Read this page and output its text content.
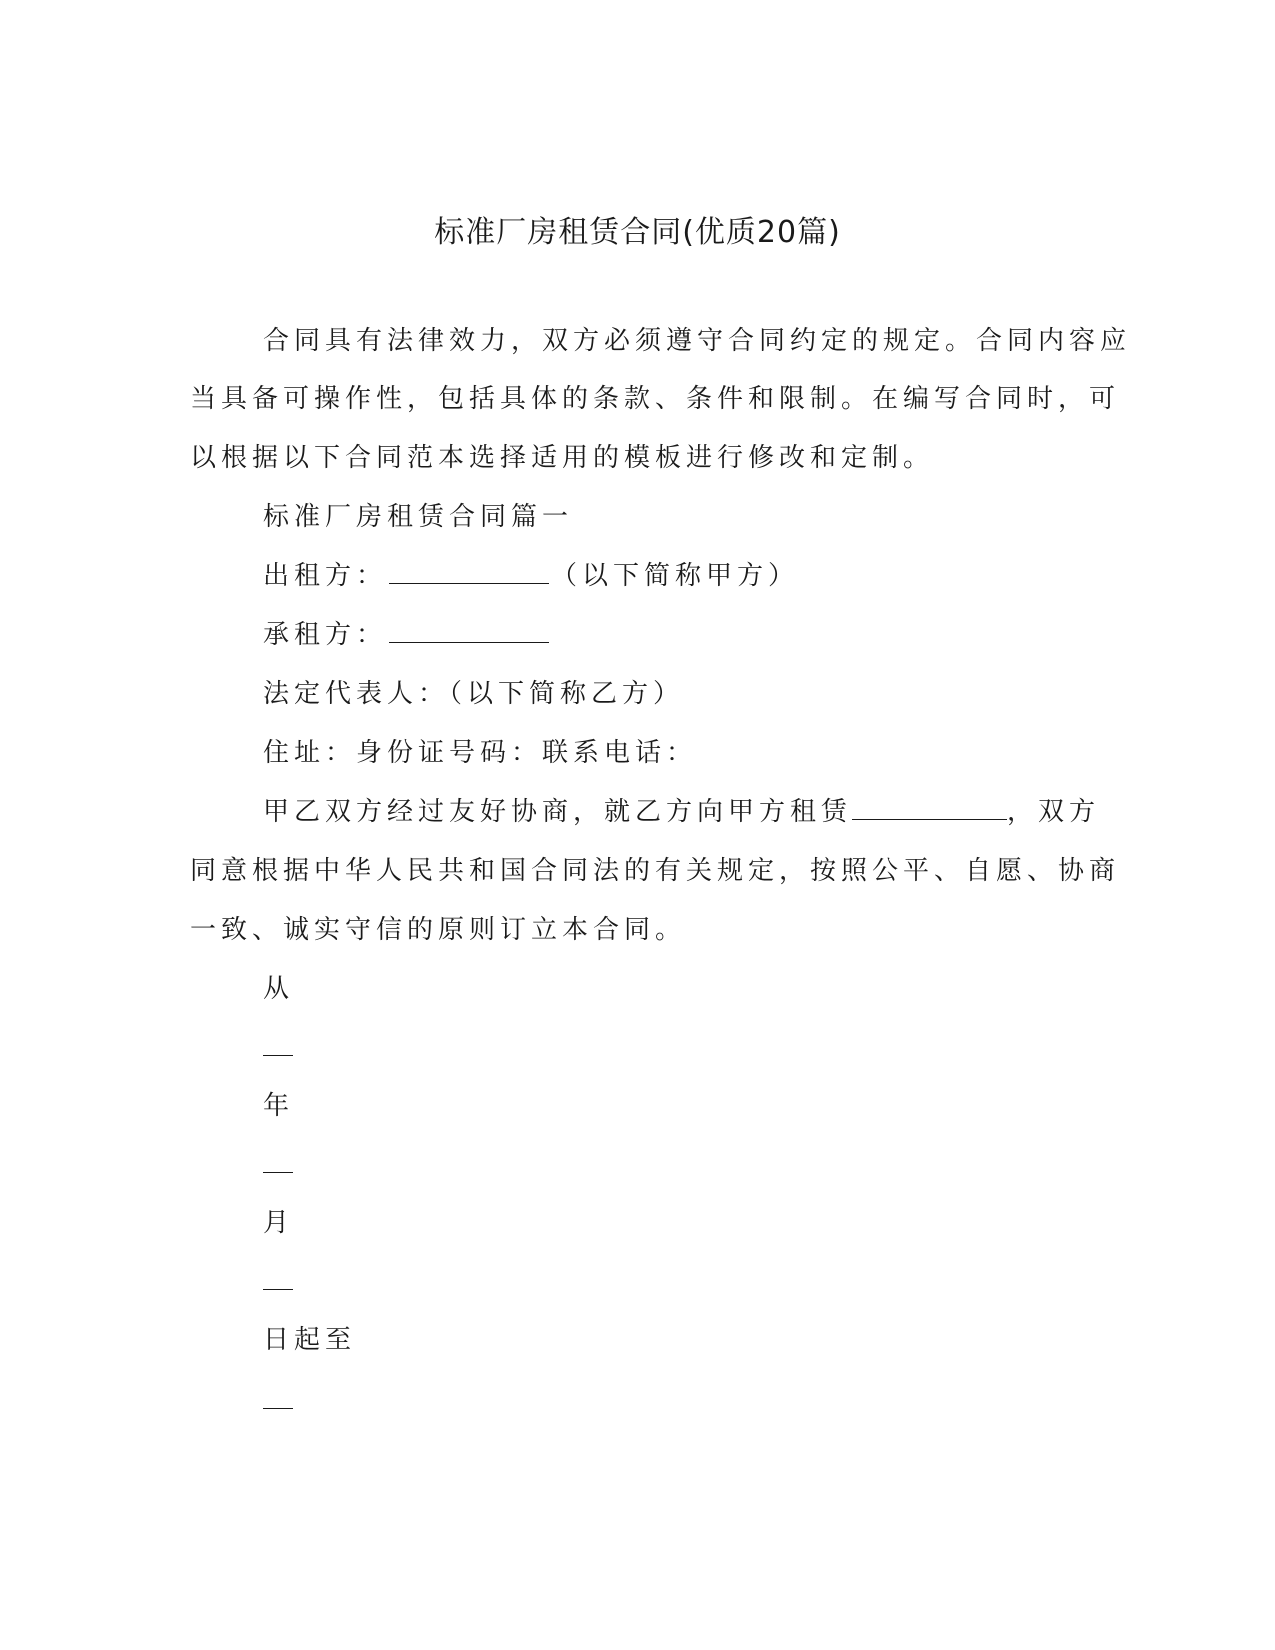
标准厂房租赁合同(优质20篇)
合同具有法律效力，双方必须遵守合同约定的规定。合同内容应
当具备可操作性，包括具体的条款、条件和限制。在编写合同时，可
以根据以下合同范本选择适用的模板进行修改和定制。
标准厂房租赁合同篇一
出租方：	（以下简称甲方）
承租方：
法定代表人：（以下简称乙方）
住址：身份证号码：联系电话：
甲乙双方经过友好协商，就乙方向甲方租赁	，双方
同意根据中华人民共和国合同法的有关规定，按照公平、自愿、协商
一致、诚实守信的原则订立本合同。
从
年
月
日起至
